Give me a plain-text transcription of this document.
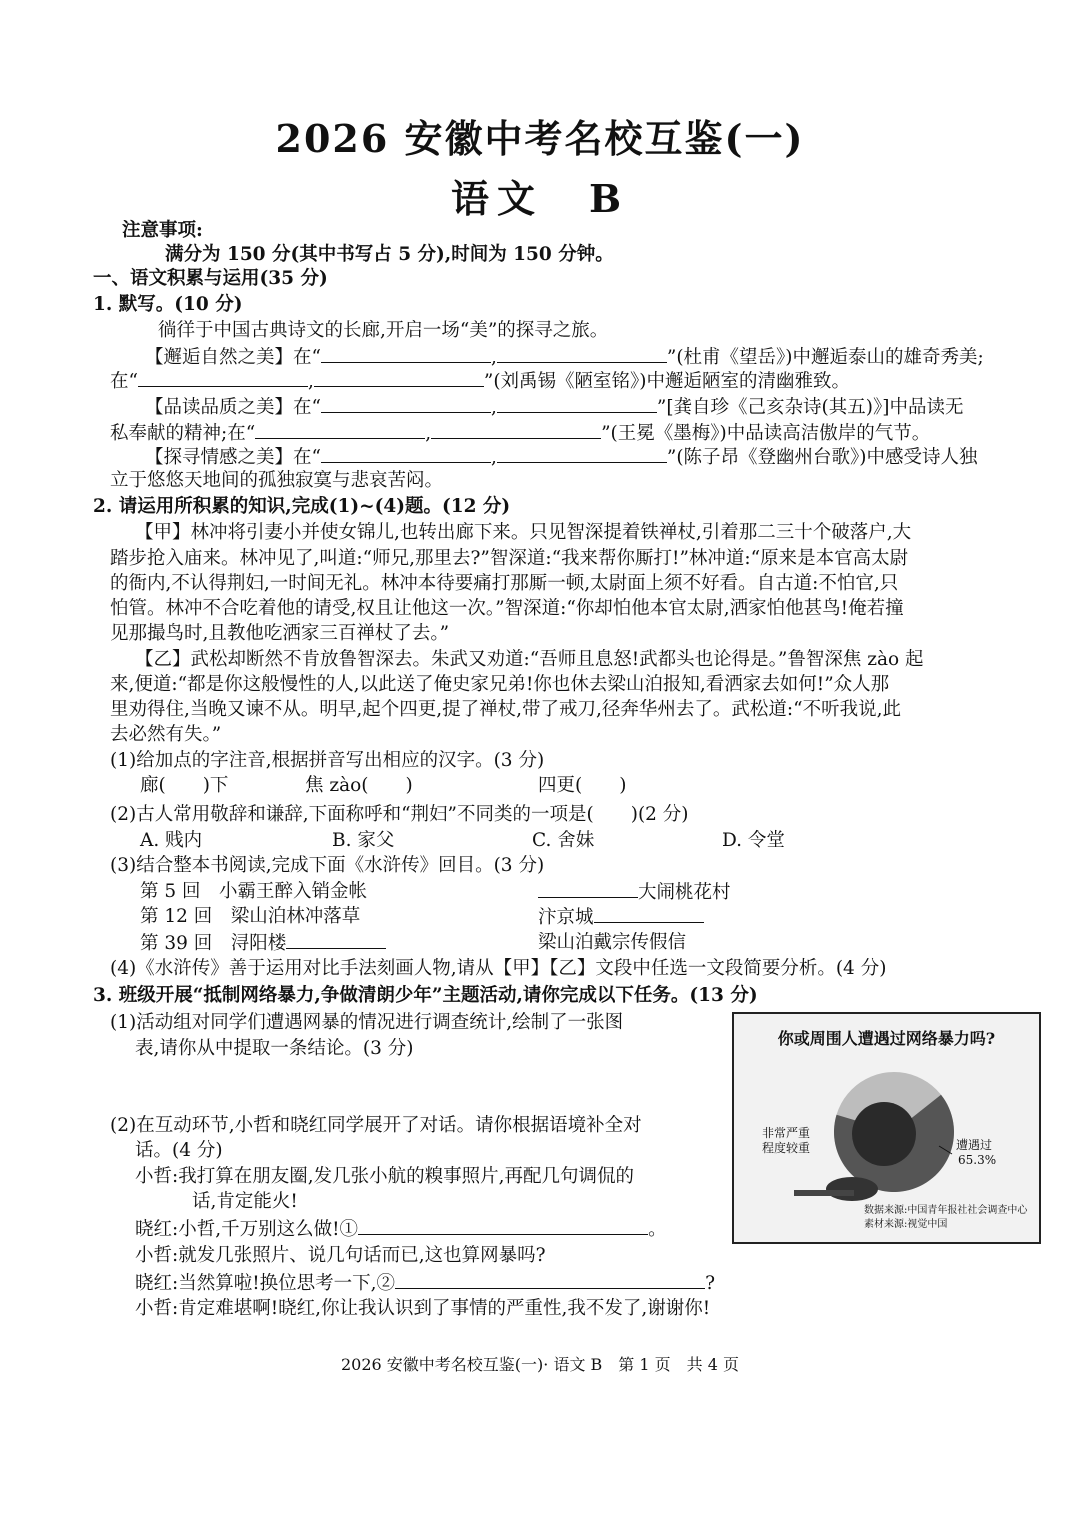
2026 安徽中考名校互鉴(一)
语文　B
注意事项:
满分为 150 分(其中书写占 5 分),时间为 150 分钟。
一、语文积累与运用(35 分)
1. 默写。(10 分)
徜徉于中国古典诗文的长廊,开启一场“美”的探寻之旅。
【邂逅自然之美】在“	,	”(杜甫《望岳》)中邂逅泰山的雄奇秀美;
在“	,	”(刘禹锡《陋室铭》)中邂逅陋室的清幽雅致。
【品读品质之美】在“	,	”[龚自珍《己亥杂诗(其五)》]中品读无
私奉献的精神;在“	,	”(王冕《墨梅》)中品读高洁傲岸的气节。
【探寻情感之美】在“	,	”(陈子昂《登幽州台歌》)中感受诗人独
立于悠悠天地间的孤独寂寞与悲哀苦闷。
2. 请运用所积累的知识,完成(1)~(4)题。(12 分)
【甲】林冲将引妻小并使女锦儿,也转出廊下来。只见智深提着铁禅杖,引着那二三十个破落户,大
踏步抢入庙来。林冲见了,叫道:“师兄,那里去?”智深道:“我来帮你厮打!”林冲道:“原来是本官高太尉
的衙内,不认得荆妇,一时间无礼。林冲本待要痛打那厮一顿,太尉面上须不好看。自古道:不怕官,只
怕管。林冲不合吃着他的请受,权且让他这一次。”智深道:“你却怕他本官太尉,洒家怕他甚鸟!俺若撞
见那撮鸟时,且教他吃洒家三百禅杖了去。”
【乙】武松却断然不肯放鲁智深去。朱武又劝道:“吾师且息怒!武都头也论得是。”鲁智深焦 zào 起
来,便道:“都是你这般慢性的人,以此送了俺史家兄弟!你也休去梁山泊报知,看洒家去如何!”众人那
里劝得住,当晚又谏不从。明早,起个四更,提了禅杖,带了戒刀,径奔华州去了。武松道:“不听我说,此
去必然有失。”
(1)给加点的字注音,根据拼音写出相应的汉字。(3 分)
廊(　　)下	焦 zào(　　)	四更(　　)
(2)古人常用敬辞和谦辞,下面称呼和“荆妇”不同类的一项是(　　)(2 分)
A. 贱内	B. 家父	C. 舍妹	D. 令堂
(3)结合整本书阅读,完成下面《水浒传》回目。(3 分)
第 5 回　小霸王醉入销金帐	大闹桃花村
第 12 回　梁山泊林冲落草	汴京城
第 39 回　浔阳楼	梁山泊戴宗传假信
(4)《水浒传》善于运用对比手法刻画人物,请从【甲】【乙】文段中任选一文段简要分析。(4 分)
3. 班级开展“抵制网络暴力,争做清朗少年”主题活动,请你完成以下任务。(13 分)
(1)活动组对同学们遭遇网暴的情况进行调查统计,绘制了一张图
表,请你从中提取一条结论。(3 分)
(2)在互动环节,小哲和晓红同学展开了对话。请你根据语境补全对
话。(4 分)
小哲:我打算在朋友圈,发几张小航的糗事照片,再配几句调侃的
话,肯定能火!
晓红:小哲,千万别这么做!①	。
小哲:就发几张照片、说几句话而已,这也算网暴吗?
晓红:当然算啦!换位思考一下,②	?
小哲:肯定难堪啊!晓红,你让我认识到了事情的严重性,我不发了,谢谢你!
你或周围人遭遇过网络暴力吗?
非常严重
程度较重	遭遇过
65.3%
数据来源:中国青年报社社会调查中心
素材来源:视觉中国
2026 安徽中考名校互鉴(一)· 语文 B　第 1 页　共 4 页
